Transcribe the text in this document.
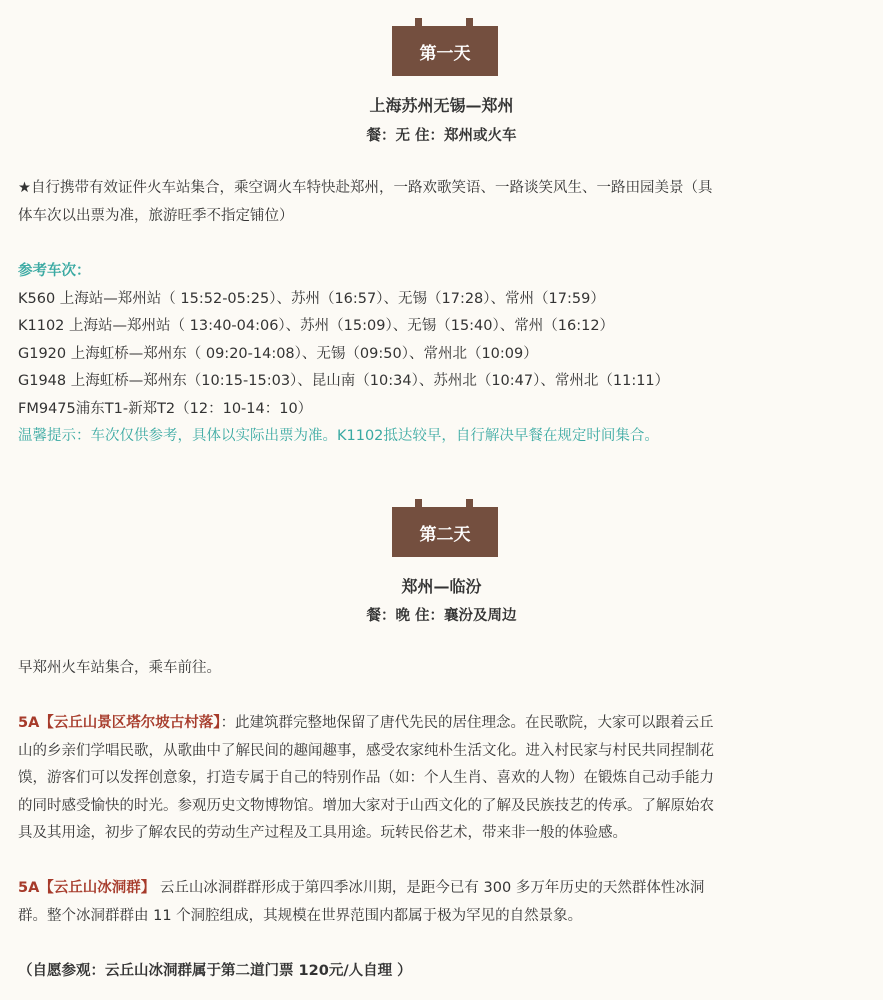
第一天
上海苏州无锡—郑州
餐：无 住：郑州或火车
★自行携带有效证件火车站集合，乘空调火车特快赴郑州，一路欢歌笑语、一路谈笑风生、一路田园美景（具
体车次以出票为准，旅游旺季不指定铺位）
参考车次：
K560 上海站—郑州站（ 15:52-05:25）、苏州（16:57）、无锡（17:28）、常州（17:59）
K1102 上海站—郑州站（ 13:40-04:06）、苏州（15:09）、无锡（15:40）、常州（16:12）
G1920 上海虹桥—郑州东（ 09:20-14:08）、无锡（09:50）、常州北（10:09）
G1948 上海虹桥—郑州东（10:15-15:03）、昆山南（10:34）、苏州北（10:47）、常州北（11:11）
FM9475浦东T1-新郑T2（12：10-14：10）
温馨提示：车次仅供参考，具体以实际出票为准。K1102抵达较早，自行解决早餐在规定时间集合。
第二天
郑州—临汾
餐：晚 住：襄汾及周边
早郑州火车站集合，乘车前往。
5A【云丘山景区塔尔坡古村落】：此建筑群完整地保留了唐代先民的居住理念。在民歌院，大家可以跟着云丘
山的乡亲们学唱民歌，从歌曲中了解民间的趣闻趣事，感受农家纯朴生活文化。进入村民家与村民共同捏制花
馍，游客们可以发挥创意象，打造专属于自己的特别作品（如：个人生肖、喜欢的人物）在锻炼自己动手能力
的同时感受愉快的时光。参观历史文物博物馆。增加大家对于山西文化的了解及民族技艺的传承。了解原始农
具及其用途，初步了解农民的劳动生产过程及工具用途。玩转民俗艺术，带来非一般的体验感。
5A【云丘山冰洞群】 云丘山冰洞群群形成于第四季冰川期，是距今已有 300 多万年历史的天然群体性冰洞
群。整个冰洞群群由 11 个洞腔组成，其规模在世界范围内都属于极为罕见的自然景象。
（自愿参观：云丘山冰洞群属于第二道门票 120元/人自理 ）
